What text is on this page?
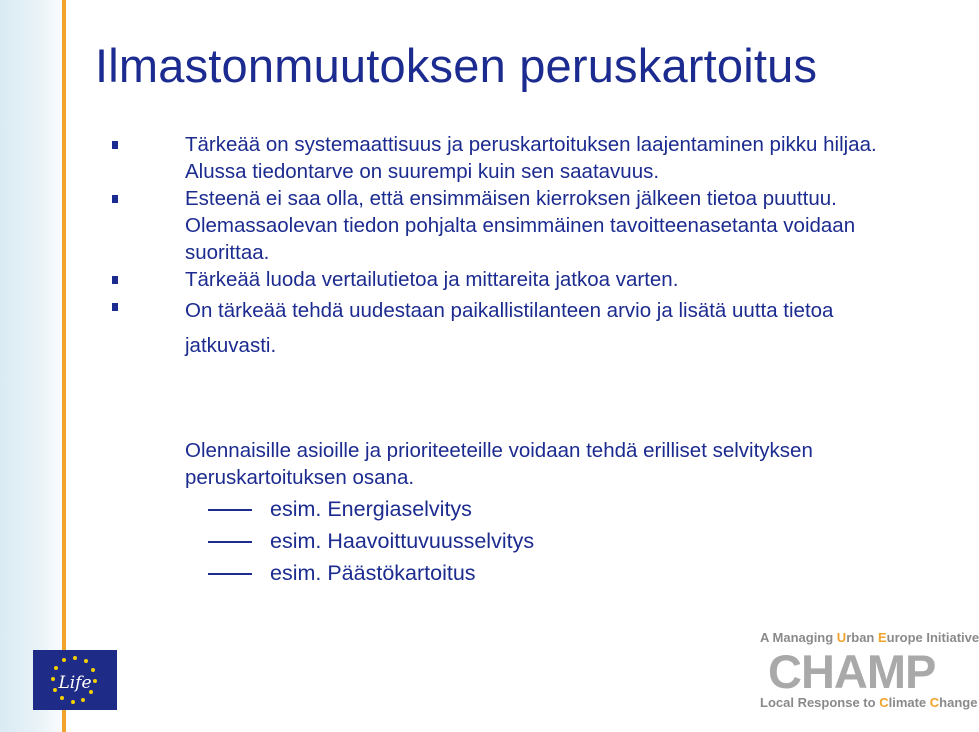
Ilmastonmuutoksen peruskartoitus
Tärkeää on systemaattisuus ja peruskartoituksen laajentaminen pikku hiljaa. Alussa tiedontarve on suurempi kuin sen saatavuus.
Esteenä ei saa olla, että ensimmäisen kierroksen jälkeen tietoa puuttuu. Olemassaolevan tiedon pohjalta ensimmäinen tavoitteenasetanta voidaan suorittaa.
Tärkeää luoda vertailutietoa ja mittareita jatkoa varten.
On tärkeää tehdä uudestaan paikallistilanteen arvio ja lisätä uutta tietoa jatkuvasti.

Olennaisille asioille ja prioriteeteille voidaan tehdä erilliset selvityksen peruskartoituksen osana.

esim. Energiaselvitys
esim. Haavoittuvuusselvitys
esim. Päästökartoitus
Life
A Managing Urban Europe Initiative
CHAMP
Local Response to Climate Change
